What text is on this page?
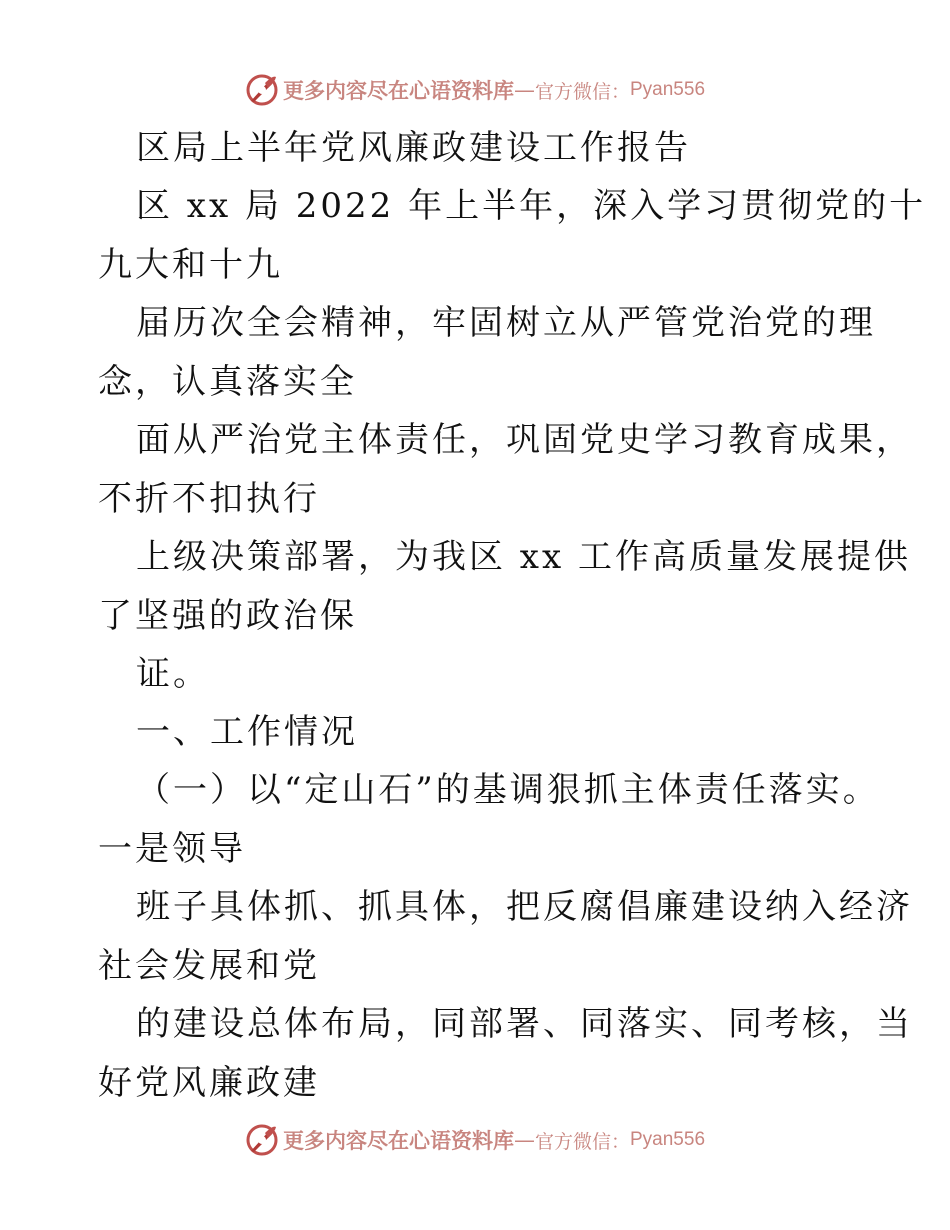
更多内容尽在心语资料库 — 官方微信： Pyan556
区局上半年党风廉政建设工作报告
区 xx 局 2022 年上半年，深入学习贯彻党的十
九大和十九
届历次全会精神，牢固树立从严管党治党的理
念，认真落实全
面从严治党主体责任，巩固党史学习教育成果，
不折不扣执行
上级决策部署，为我区 xx 工作高质量发展提供
了坚强的政治保
证。
一、工作情况
（一）以“定山石”的基调狠抓主体责任落实。
一是领导
班子具体抓、抓具体，把反腐倡廉建设纳入经济
社会发展和党
的建设总体布局，同部署、同落实、同考核，当
好党风廉政建
更多内容尽在心语资料库 — 官方微信： Pyan556
